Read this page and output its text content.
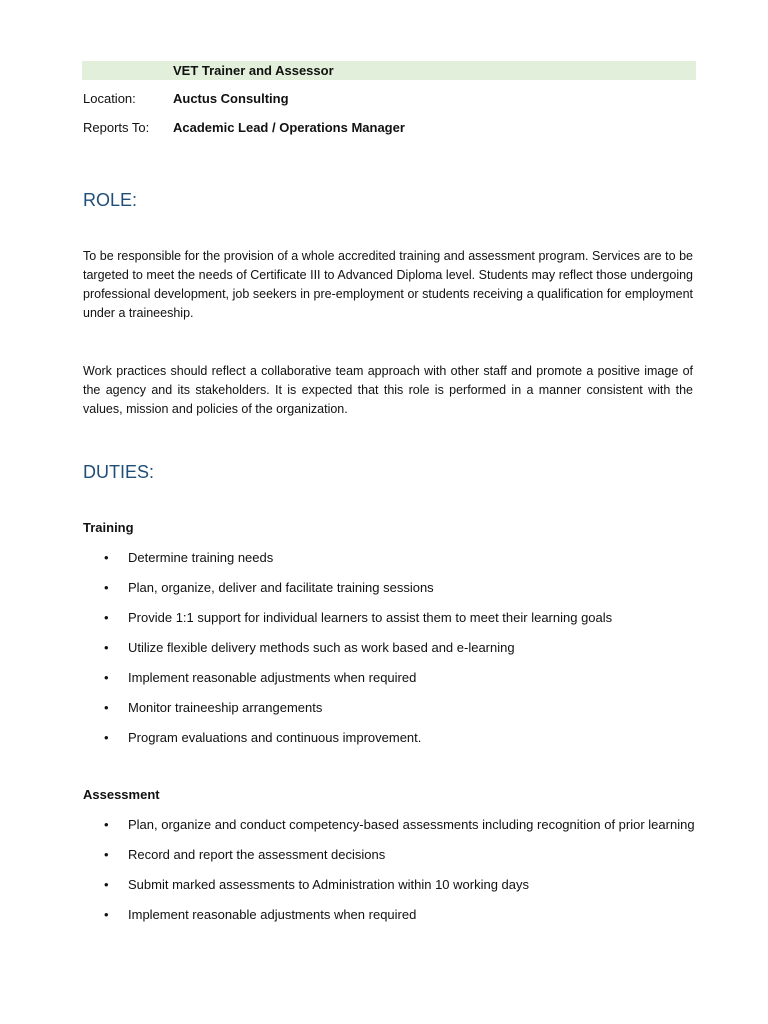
VET Trainer and Assessor
Location:	Auctus Consulting
Reports To: Academic Lead / Operations Manager
ROLE:

To be responsible for the provision of a whole accredited training and assessment program. Services are to be targeted to meet the needs of Certificate III to Advanced Diploma level. Students may reflect those undergoing professional development, job seekers in pre-employment or students receiving a qualification for employment under a traineeship.

Work practices should reflect a collaborative team approach with other staff and promote a positive image of the agency and its stakeholders. It is expected that this role is performed in a manner consistent with the values, mission and policies of the organization.

DUTIES:
Training
• Determine training needs
• Plan, organize, deliver and facilitate training sessions
• Provide 1:1 support for individual learners to assist them to meet their learning goals
• Utilize flexible delivery methods such as work based and e-learning
• Implement reasonable adjustments when required
• Monitor traineeship arrangements
• Program evaluations and continuous improvement.
Assessment
• Plan, organize and conduct competency-based assessments including recognition of prior learning
• Record and report the assessment decisions
• Submit marked assessments to Administration within 10 working days
• Implement reasonable adjustments when required
